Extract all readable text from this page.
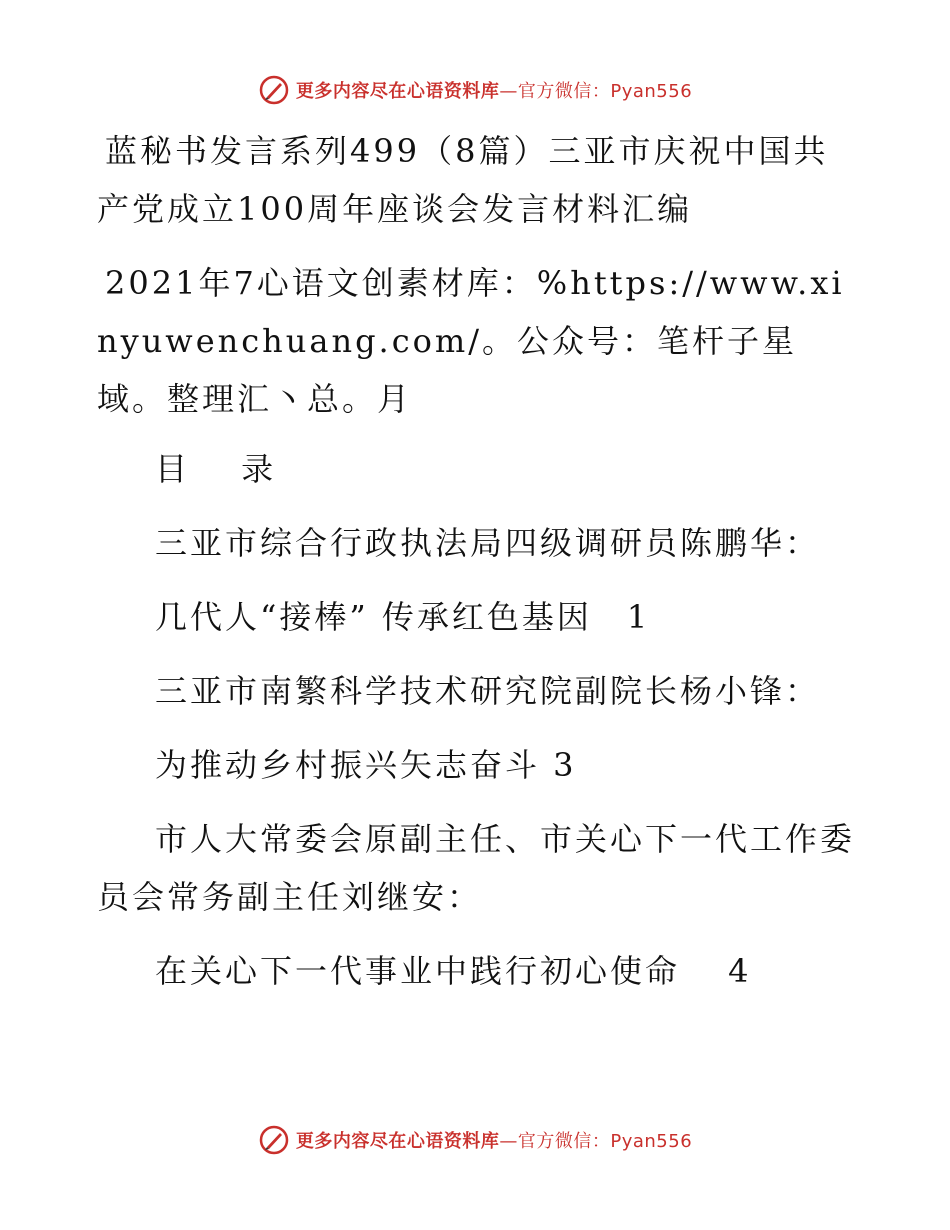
更多内容尽在心语资料库—官方微信：Pyan556

蓝秘书发言系列499（8篇）三亚市庆祝中国共产党成立100周年座谈会发言材料汇编

2021年7心语文创素材库：%https://www.xinyuwenchuang.com/。公众号：笔杆子星域。整理汇丶总。月

目 录

三亚市综合行政执法局四级调研员陈鹏华：

几代人“接棒” 传承红色基因　1

三亚市南繁科学技术研究院副院长杨小锋：

为推动乡村振兴矢志奋斗 3

市人大常委会原副主任、市关心下一代工作委员会常务副主任刘继安：

在关心下一代事业中践行初心使命　 4

更多内容尽在心语资料库—官方微信：Pyan556
